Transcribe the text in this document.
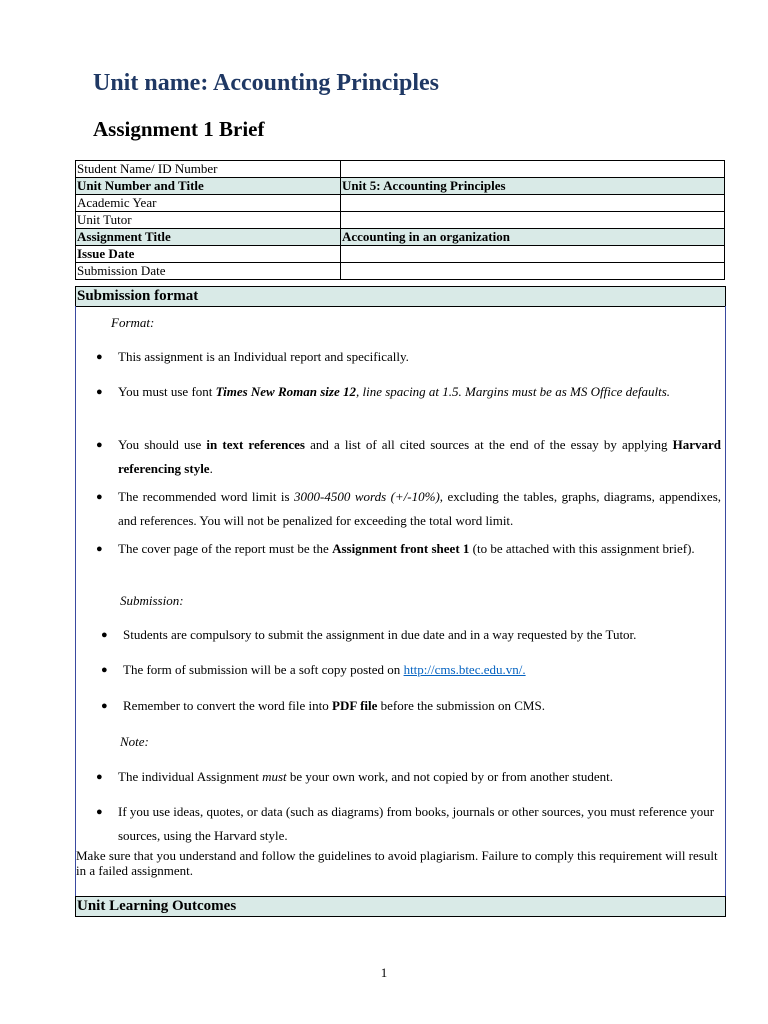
Unit name: Accounting Principles
Assignment 1 Brief
Student Name/ ID Number	
Unit Number and Title	Unit 5: Accounting Principles
Academic Year	
Unit Tutor	
Assignment Title	Accounting in an organization
Issue Date	
Submission Date	
Submission format
Format:
● This assignment is an Individual report and specifically.
● You must use font Times New Roman size 12, line spacing at 1.5. Margins must be as MS Office defaults.
● You should use in text references and a list of all cited sources at the end of the essay by applying Harvard referencing style.
● The recommended word limit is 3000-4500 words (+/-10%), excluding the tables, graphs, diagrams, appendixes, and references. You will not be penalized for exceeding the total word limit.
● The cover page of the report must be the Assignment front sheet 1 (to be attached with this assignment brief).
Submission:
● Students are compulsory to submit the assignment in due date and in a way requested by the Tutor.
● The form of submission will be a soft copy posted on http://cms.btec.edu.vn/.
● Remember to convert the word file into PDF file before the submission on CMS.
Note:
● The individual Assignment must be your own work, and not copied by or from another student.
● If you use ideas, quotes, or data (such as diagrams) from books, journals or other sources, you must reference your sources, using the Harvard style.
Make sure that you understand and follow the guidelines to avoid plagiarism. Failure to comply this requirement will result in a failed assignment.
Unit Learning Outcomes
1
